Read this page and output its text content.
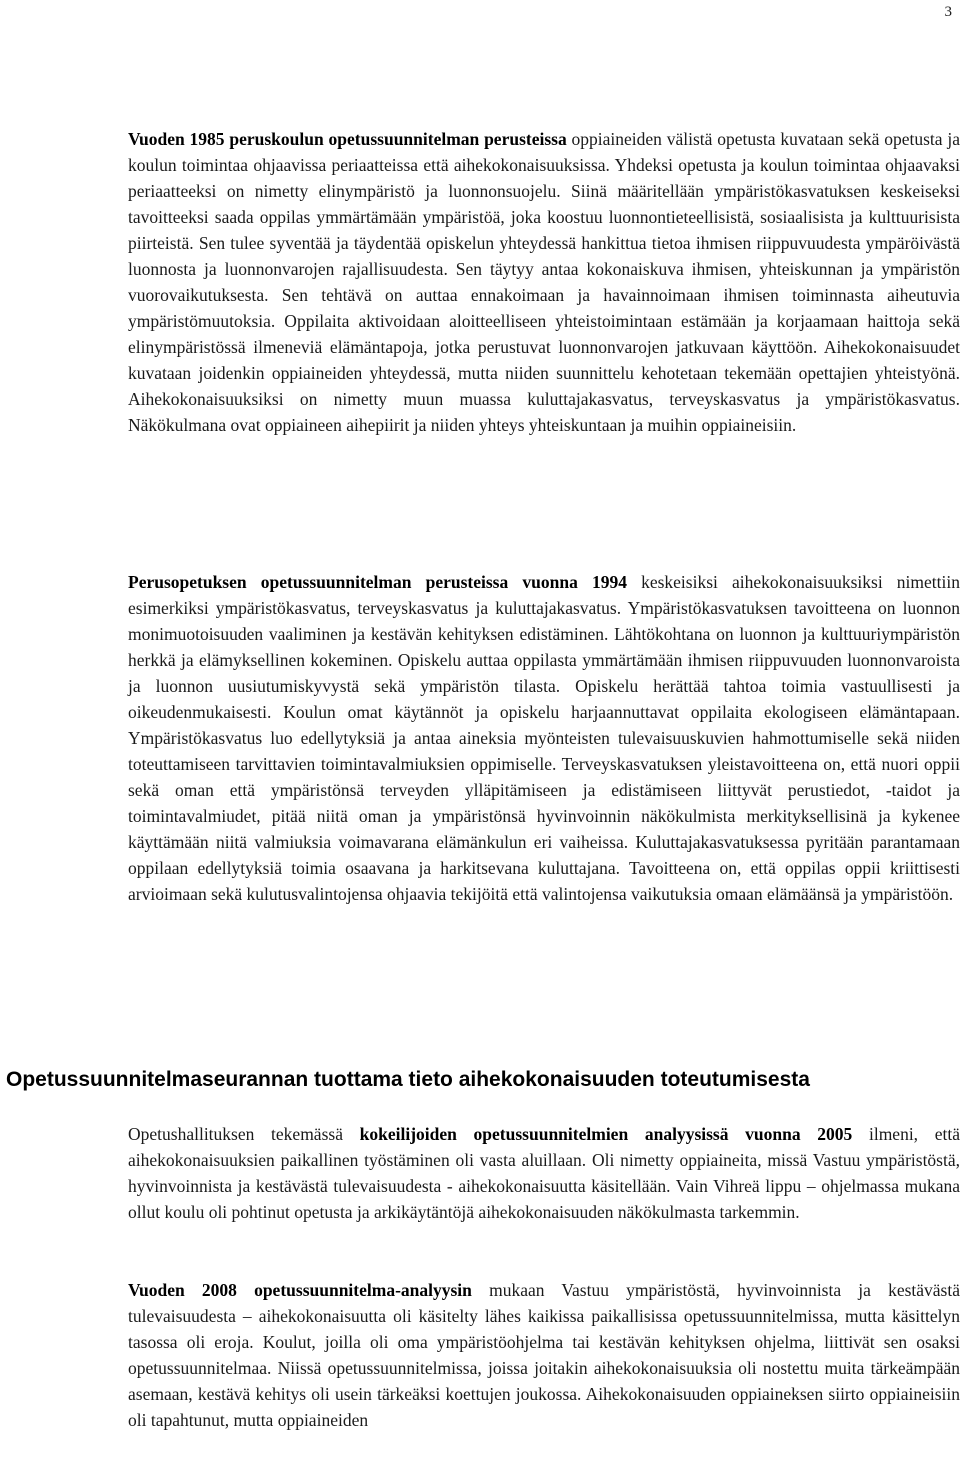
3

Vuoden 1985 peruskoulun opetussuunnitelman perusteissa oppiaineiden välistä opetusta kuvataan sekä opetusta ja koulun toimintaa ohjaavissa periaatteissa että aihekokonaisuuksissa. Yhdeksi opetusta ja koulun toimintaa ohjaavaksi periaatteeksi on nimetty elinympäristö ja luonnonsuojelu. Siinä määritellään ympäristökasvatuksen keskeiseksi tavoitteeksi saada oppilas ymmärtämään ympäristöä, joka koostuu luonnontieteellisistä, sosiaalisista ja kulttuurisista piirteistä. Sen tulee syventää ja täydentää opiskelun yhteydessä hankittua tietoa ihmisen riippuvuudesta ympäröivästä luonnosta ja luonnonvarojen rajallisuudesta. Sen täytyy antaa kokonaiskuva ihmisen, yhteiskunnan ja ympäristön vuorovaikutuksesta. Sen tehtävä on auttaa ennakoimaan ja havainnoimaan ihmisen toiminnasta aiheutuvia ympäristömuutoksia. Oppilaita aktivoidaan aloitteelliseen yhteistoimintaan estämään ja korjaamaan haittoja sekä elinympäristössä ilmeneviä elämäntapoja, jotka perustuvat luonnonvarojen jatkuvaan käyttöön. Aihekokonaisuudet kuvataan joidenkin oppiaineiden yhteydessä, mutta niiden suunnittelu kehotetaan tekemään opettajien yhteistyönä. Aihekokonaisuuksiksi on nimetty muun muassa kuluttajakasvatus, terveyskasvatus ja ympäristökasvatus. Näkökulmana ovat oppiaineen aihepiirit ja niiden yhteys yhteiskuntaan ja muihin oppiaineisiin.

Perusopetuksen opetussuunnitelman perusteissa vuonna 1994 keskeisiksi aihekokonaisuuksiksi nimettiin esimerkiksi ympäristökasvatus, terveyskasvatus ja kuluttajakasvatus. Ympäristökasvatuksen tavoitteena on luonnon monimuotoisuuden vaaliminen ja kestävän kehityksen edistäminen. Lähtökohtana on luonnon ja kulttuuriympäristön herkkä ja elämyksellinen kokeminen. Opiskelu auttaa oppilasta ymmärtämään ihmisen riippuvuuden luonnonvaroista ja luonnon uusiutumiskyvystä sekä ympäristön tilasta. Opiskelu herättää tahtoa toimia vastuullisesti ja oikeudenmukaisesti. Koulun omat käytännöt ja opiskelu harjaannuttavat oppilaita ekologiseen elämäntapaan. Ympäristökasvatus luo edellytyksiä ja antaa aineksia myönteisten tulevaisuuskuvien hahmottumiselle sekä niiden toteuttamiseen tarvittavien toimintavalmiuksien oppimiselle. Terveyskasvatuksen yleistavoitteena on, että nuori oppii sekä oman että ympäristönsä terveyden ylläpitämiseen ja edistämiseen liittyvät perustiedot, -taidot ja toimintavalmiudet, pitää niitä oman ja ympäristönsä hyvinvoinnin näkökulmista merkityksellisinä ja kykenee käyttämään niitä valmiuksia voimavarana elämänkulun eri vaiheissa. Kuluttajakasvatuksessa pyritään parantamaan oppilaan edellytyksiä toimia osaavana ja harkitsevana kuluttajana. Tavoitteena on, että oppilas oppii kriittisesti arvioimaan sekä kulutusvalintojensa ohjaavia tekijöitä että valintojensa vaikutuksia omaan elämäänsä ja ympäristöön.

Opetussuunnitelmaseurannan tuottama tieto aihekokonaisuuden toteutumisesta

Opetushallituksen tekemässä kokeilijoiden opetussuunnitelmien analyysissä vuonna 2005 ilmeni, että aihekokonaisuuksien paikallinen työstäminen oli vasta aluillaan. Oli nimetty oppiaineita, missä Vastuu ympäristöstä, hyvinvoinnista ja kestävästä tulevaisuudesta - aihekokonaisuutta käsitellään. Vain Vihreä lippu – ohjelmassa mukana ollut koulu oli pohtinut opetusta ja arkikäytäntöjä aihekokonaisuuden näkökulmasta tarkemmin.

Vuoden 2008 opetussuunnitelma-analyysin mukaan Vastuu ympäristöstä, hyvinvoinnista ja kestävästä tulevaisuudesta – aihekokonaisuutta oli käsitelty lähes kaikissa paikallisissa opetussuunnitelmissa, mutta käsittelyn tasossa oli eroja. Koulut, joilla oli oma ympäristöohjelma tai kestävän kehityksen ohjelma, liittivät sen osaksi opetussuunnitelmaa. Niissä opetussuunnitelmissa, joissa joitakin aihekokonaisuuksia oli nostettu muita tärkeämpään asemaan, kestävä kehitys oli usein tärkeäksi koettujen joukossa. Aihekokonaisuuden oppiaineksen siirto oppiaineisiin oli tapahtunut, mutta oppiaineiden
